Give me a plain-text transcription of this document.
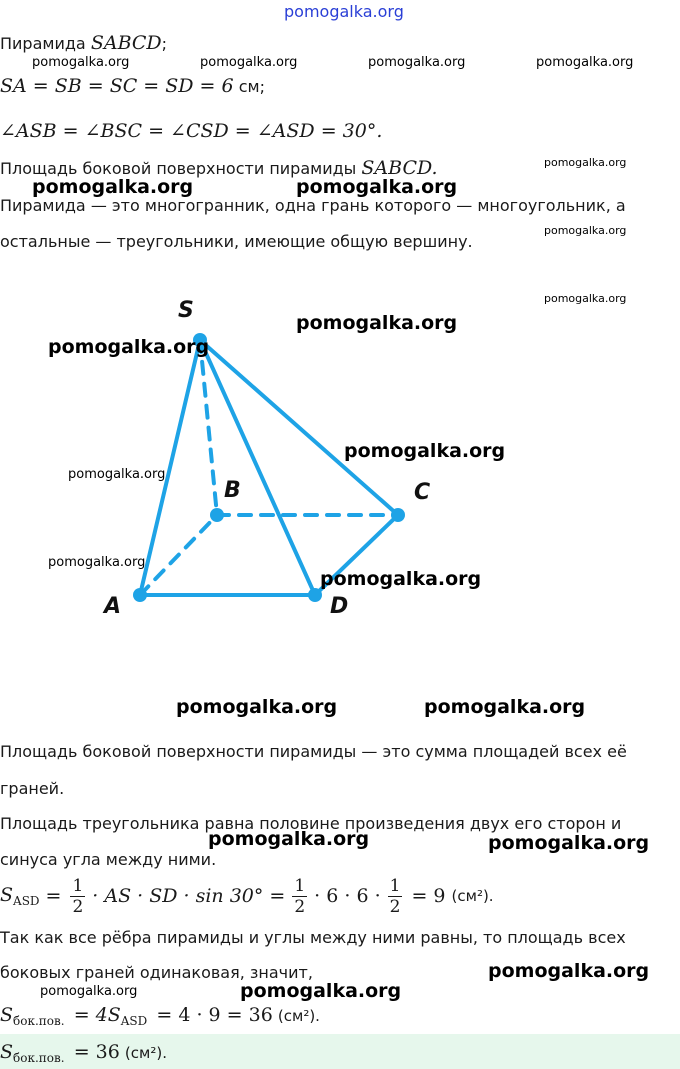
pomogalka.org
Пирамида SABCD;
SA = SB = SC = SD = 6 см;
∠ASB = ∠BSC = ∠CSD = ∠ASD = 30°.
Площадь боковой поверхности пирамиды SABCD.
Пирамида — это многогранник, одна грань которого — многоугольник, а
остальные — треугольники, имеющие общую вершину.
S
B	C
A	D
Площадь боковой поверхности пирамиды — это сумма площадей всех её
граней.
Площадь треугольника равна половине произведения двух его сторон и
синуса угла между ними.
$S_{ASD} = \frac{1}{2}$ · AS · SD · $\sin 30^\circ = \frac{1}{2} \cdot 6 \cdot 6 \cdot \frac{1}{2} = 9$ (см²).
Так как все рёбра пирамиды и углы между ними равны, то площадь всех
боковых граней одинаковая, значит,
$S_{бок.пов.} = 4S_{ASD} = 4 \cdot 9 = 36$ (см²).
$S_{бок.пов.} = 36$ (см²).
pomogalka.org	pomogalka.org	pomogalka.org	pomogalka.org
pomogalka.org
pomogalka.org	pomogalka.org
pomogalka.org
pomogalka.org
pomogalka.org
pomogalka.org
pomogalka.org
pomogalka.org
pomogalka.org
pomogalka.org
pomogalka.org	pomogalka.org
pomogalka.org	pomogalka.org
pomogalka.org
pomogalka.org	pomogalka.org
